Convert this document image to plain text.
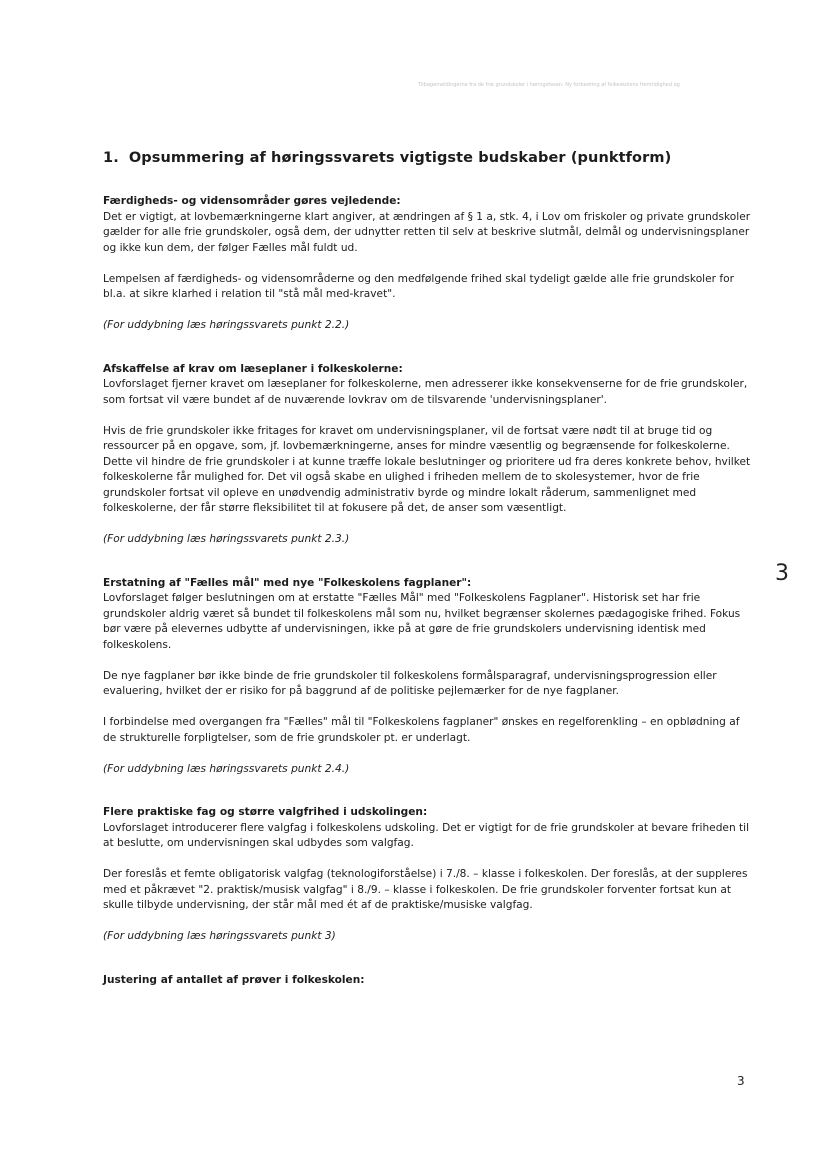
Tilbagemeldingerne fra de frie grundskoler i høringsfasen: Ny forbedring af folkeskolens fremtidighed og
1. Opsummering af høringssvarets vigtigste budskaber (punktform)
Færdigheds- og vidensområder gøres vejledende:

Det er vigtigt, at lovbemærkningerne klart angiver, at ændringen af § 1 a, stk. 4, i Lov om friskoler og private grundskoler gælder for alle frie grundskoler, også dem, der udnytter retten til selv at beskrive slutmål, delmål og undervisningsplaner og ikke kun dem, der følger Fælles mål fuldt ud.

Lempelsen af færdigheds- og vidensområderne og den medfølgende frihed skal tydeligt gælde alle frie grundskoler for bl.a. at sikre klarhed i relation til "stå mål med-kravet".

(For uddybning læs høringssvarets punkt 2.2.)

Afskaffelse af krav om læseplaner i folkeskolerne:

Lovforslaget fjerner kravet om læseplaner for folkeskolerne, men adresserer ikke konsekvenserne for de frie grundskoler, som fortsat vil være bundet af de nuværende lovkrav om de tilsvarende 'undervisningsplaner'.

Hvis de frie grundskoler ikke fritages for kravet om undervisningsplaner, vil de fortsat være nødt til at bruge tid og ressourcer på en opgave, som, jf. lovbemærkningerne, anses for mindre væsentlig og begrænsende for folkeskolerne. Dette vil hindre de frie grundskoler i at kunne træffe lokale beslutninger og prioritere ud fra deres konkrete behov, hvilket folkeskolerne får mulighed for. Det vil også skabe en ulighed i friheden mellem de to skolesystemer, hvor de frie grundskoler fortsat vil opleve en unødvendig administrativ byrde og mindre lokalt råderum, sammenlignet med folkeskolerne, der får større fleksibilitet til at fokusere på det, de anser som væsentligt.

(For uddybning læs høringssvarets punkt 2.3.)

Erstatning af "Fælles mål" med nye "Folkeskolens fagplaner":

Lovforslaget følger beslutningen om at erstatte "Fælles Mål" med "Folkeskolens Fagplaner". Historisk set har frie grundskoler aldrig været så bundet til folkeskolens mål som nu, hvilket begrænser skolernes pædagogiske frihed. Fokus bør være på elevernes udbytte af undervisningen, ikke på at gøre de frie grundskolers undervisning identisk med folkeskolens.

De nye fagplaner bør ikke binde de frie grundskoler til folkeskolens formålsparagraf, undervisningsprogression eller evaluering, hvilket der er risiko for på baggrund af de politiske pejlemærker for de nye fagplaner.

I forbindelse med overgangen fra "Fælles" mål til "Folkeskolens fagplaner" ønskes en regelforenkling – en opblødning af de strukturelle forpligtelser, som de frie grundskoler pt. er underlagt.

(For uddybning læs høringssvarets punkt 2.4.)

Flere praktiske fag og større valgfrihed i udskolingen:

Lovforslaget introducerer flere valgfag i folkeskolens udskoling. Det er vigtigt for de frie grundskoler at bevare friheden til at beslutte, om undervisningen skal udbydes som valgfag.

Der foreslås et femte obligatorisk valgfag (teknologiforståelse) i 7./8. – klasse i folkeskolen. Der foreslås, at der suppleres med et påkrævet "2. praktisk/musisk valgfag" i 8./9. – klasse i folkeskolen. De frie grundskoler forventer fortsat kun at skulle tilbyde undervisning, der står mål med ét af de praktiske/musiske valgfag.

(For uddybning læs høringssvarets punkt 3)

Justering af antallet af prøver i folkeskolen:
3
3
